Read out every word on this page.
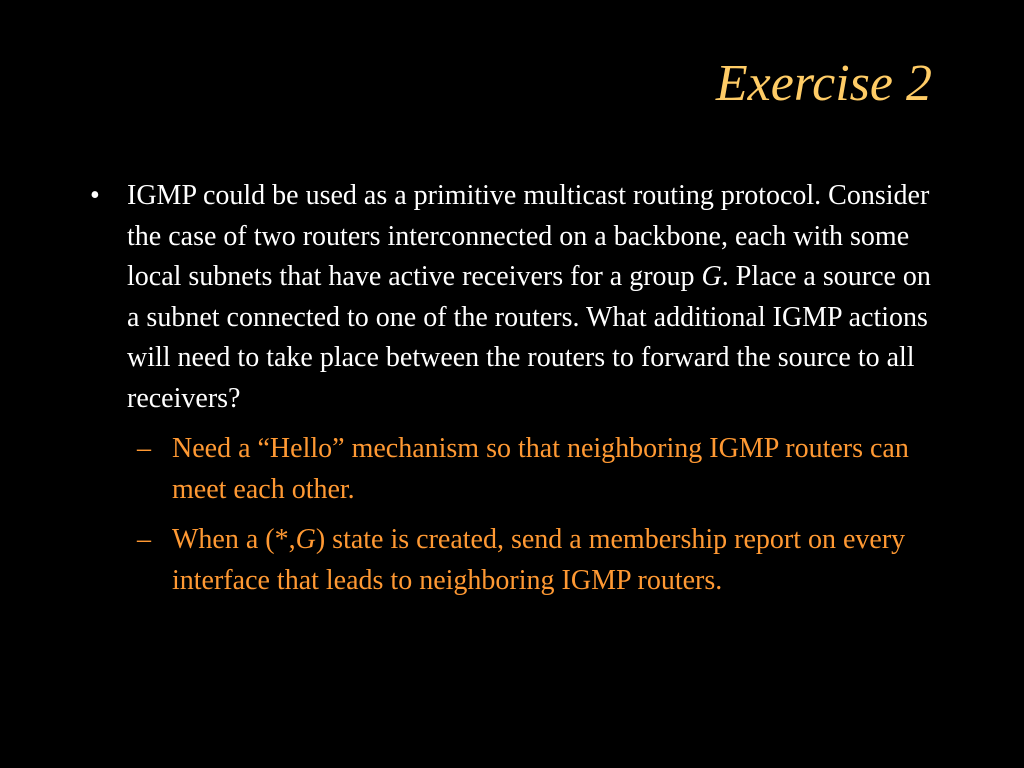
Exercise 2

• IGMP could be used as a primitive multicast routing protocol. Consider the case of two routers interconnected on a backbone, each with some local subnets that have active receivers for a group G. Place a source on a subnet connected to one of the routers. What additional IGMP actions will need to take place between the routers to forward the source to all receivers?

– Need a “Hello” mechanism so that neighboring IGMP routers can meet each other.
– When a (*,G) state is created, send a membership report on every interface that leads to neighboring IGMP routers.
